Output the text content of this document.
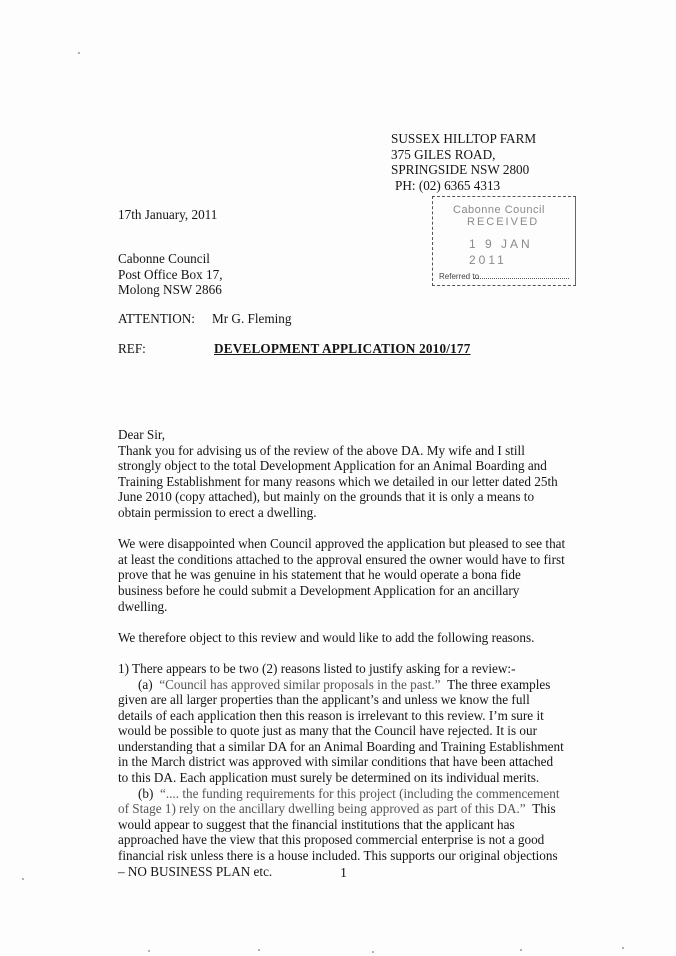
SUSSEX HILLTOP FARM
375 GILES ROAD,
SPRINGSIDE NSW 2800
PH: (02) 6365 4313
Cabonne Council
RECEIVED
1 9 JAN 2011
Referred to
17th January, 2011
Cabonne Council
Post Office Box 17,
Molong NSW 2866
ATTENTION: Mr G. Fleming
REF:	DEVELOPMENT APPLICATION 2010/177

Dear Sir,

Thank you for advising us of the review of the above DA. My wife and I still strongly object to the total Development Application for an Animal Boarding and Training Establishment for many reasons which we detailed in our letter dated 25th June 2010 (copy attached), but mainly on the grounds that it is only a means to obtain permission to erect a dwelling.

We were disappointed when Council approved the application but pleased to see that at least the conditions attached to the approval ensured the owner would have to first prove that he was genuine in his statement that he would operate a bona fide business before he could submit a Development Application for an ancillary dwelling.

We therefore object to this review and would like to add the following reasons.

1) There appears to be two (2) reasons listed to justify asking for a review:-

(a) “Council has approved similar proposals in the past.” The three examples given are all larger properties than the applicant’s and unless we know the full details of each application then this reason is irrelevant to this review. I’m sure it would be possible to quote just as many that the Council have rejected. It is our understanding that a similar DA for an Animal Boarding and Training Establishment in the March district was approved with similar conditions that have been attached to this DA. Each application must surely be determined on its individual merits.

(b) “.... the funding requirements for this project (including the commencement of Stage 1) rely on the ancillary dwelling being approved as part of this DA.” This would appear to suggest that the financial institutions that the applicant has approached have the view that this proposed commercial enterprise is not a good financial risk unless there is a house included. This supports our original objections – NO BUSINESS PLAN etc.	1
